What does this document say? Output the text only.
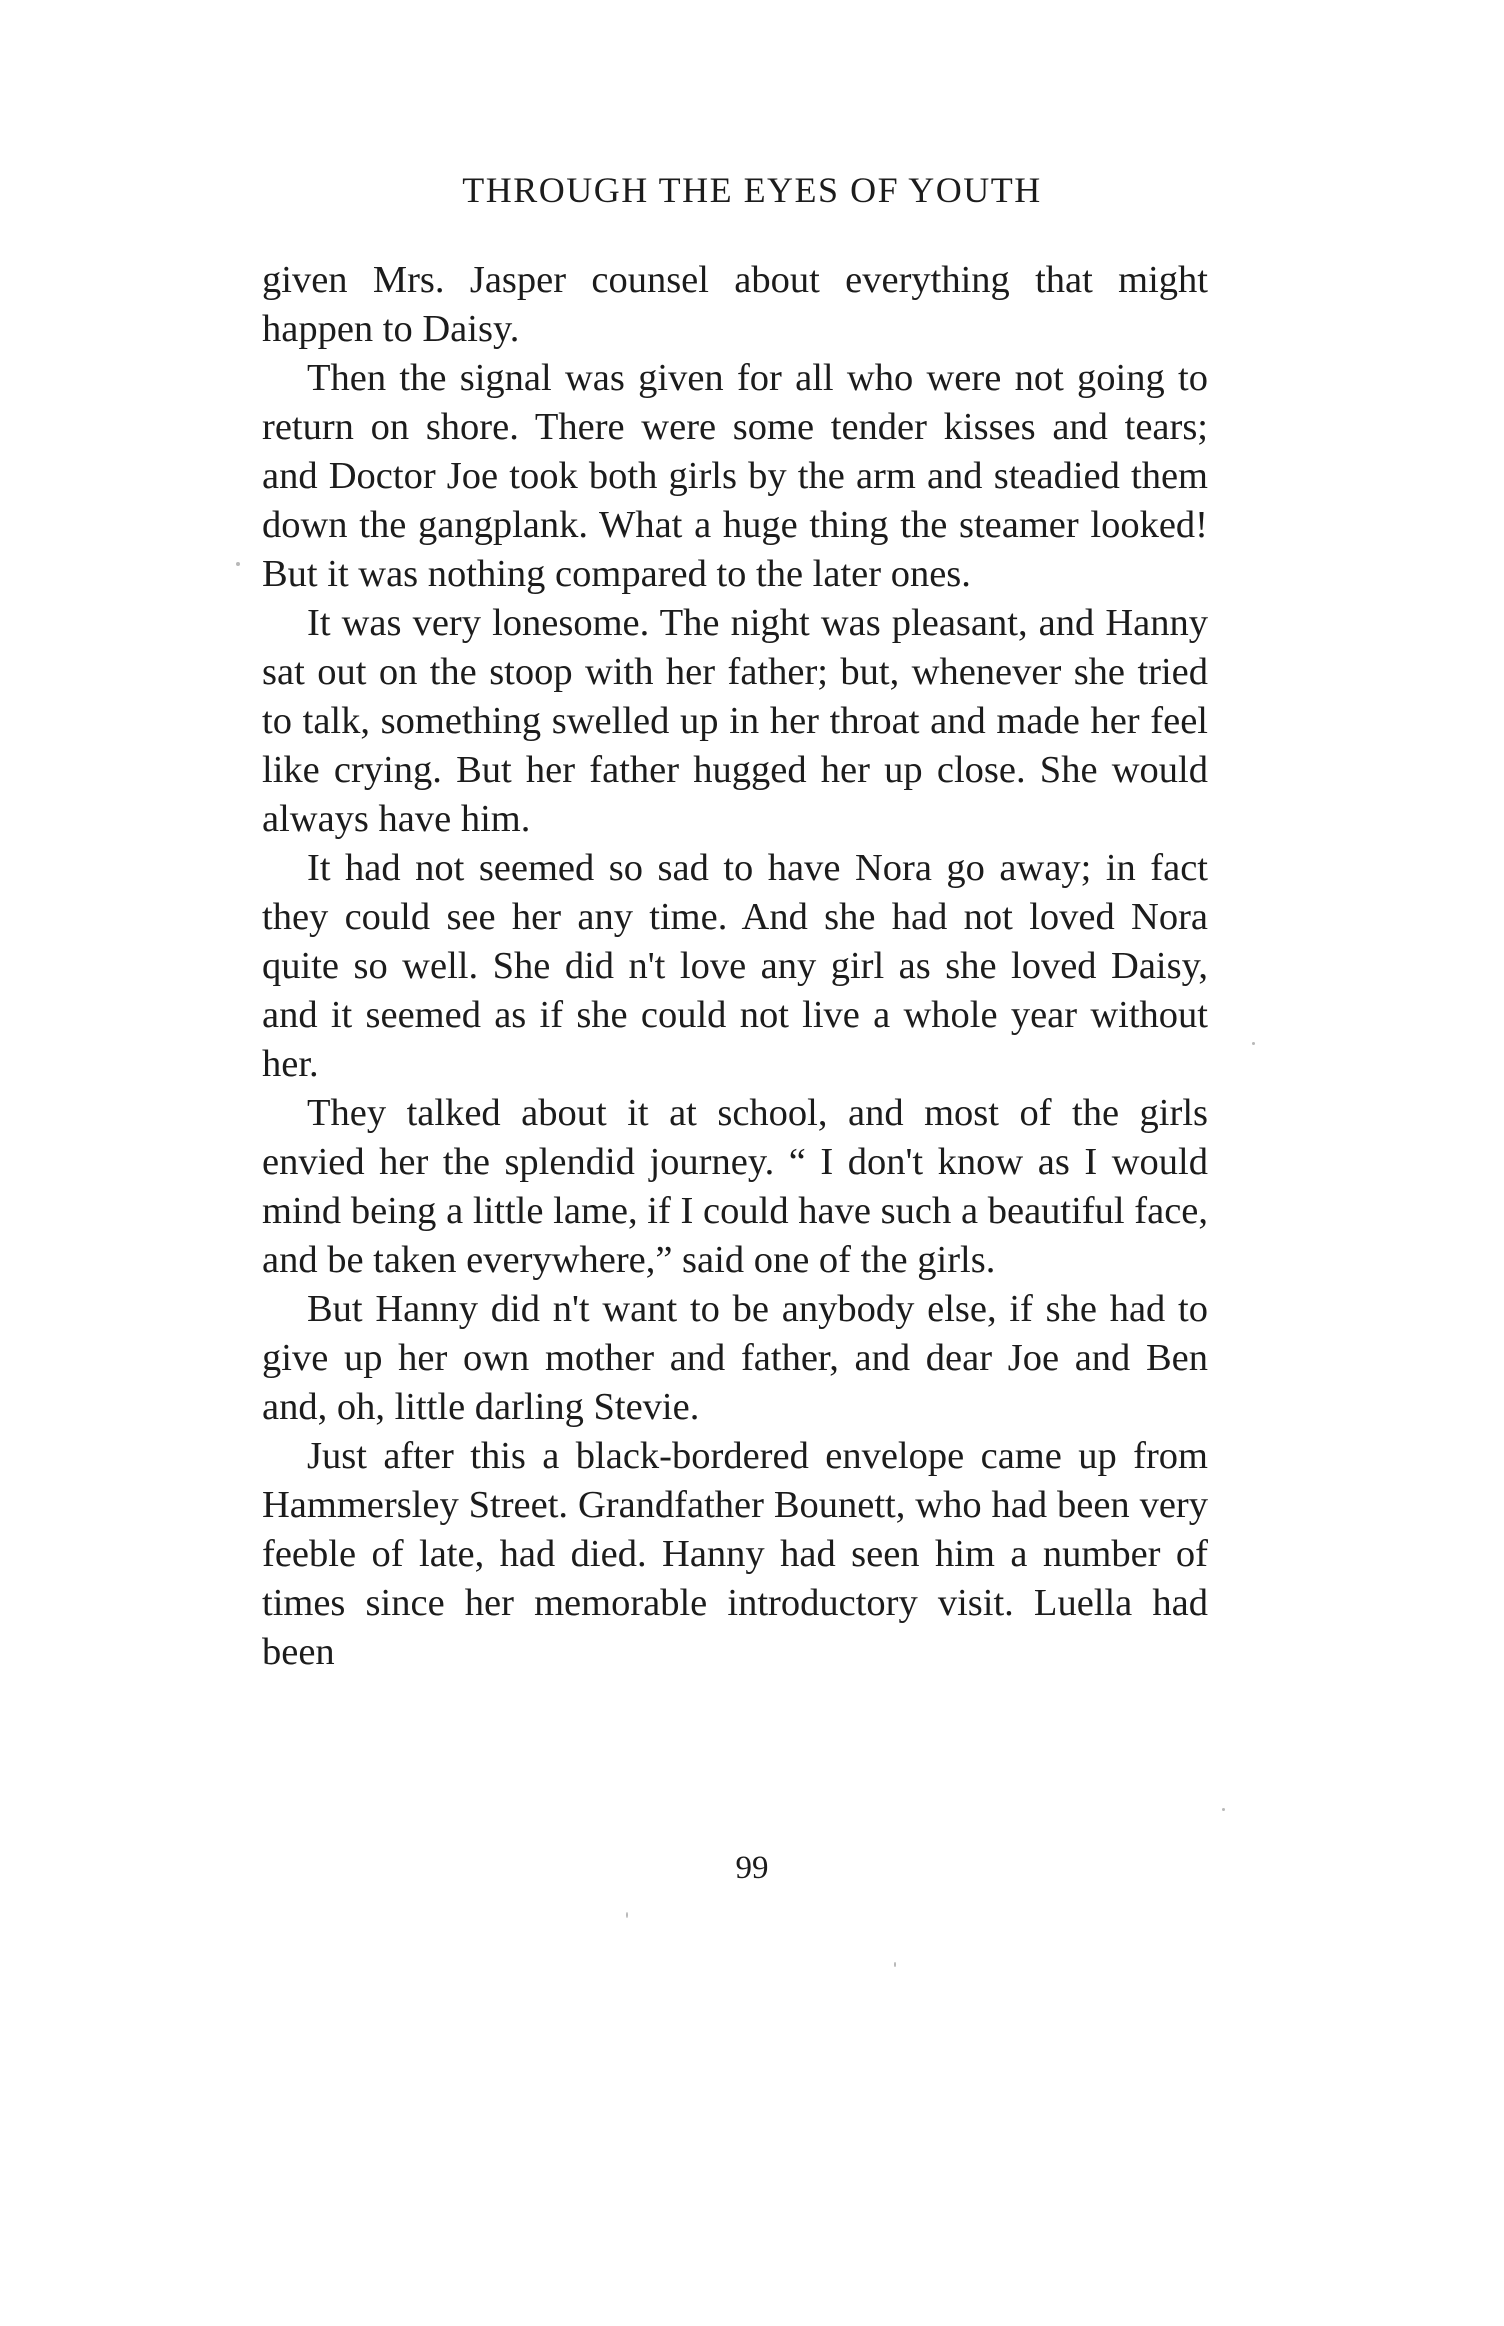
THROUGH THE EYES OF YOUTH

given Mrs. Jasper counsel about everything that might happen to Daisy.

Then the signal was given for all who were not going to return on shore. There were some tender kisses and tears; and Doctor Joe took both girls by the arm and steadied them down the gangplank. What a huge thing the steamer looked! But it was nothing compared to the later ones.

It was very lonesome. The night was pleasant, and Hanny sat out on the stoop with her father; but, whenever she tried to talk, something swelled up in her throat and made her feel like crying. But her father hugged her up close. She would always have him.

It had not seemed so sad to have Nora go away; in fact they could see her any time. And she had not loved Nora quite so well. She did n't love any girl as she loved Daisy, and it seemed as if she could not live a whole year without her.

They talked about it at school, and most of the girls envied her the splendid journey. “ I don't know as I would mind being a little lame, if I could have such a beautiful face, and be taken everywhere,” said one of the girls.

But Hanny did n't want to be anybody else, if she had to give up her own mother and father, and dear Joe and Ben and, oh, little darling Stevie.

Just after this a black-bordered envelope came up from Hammersley Street. Grandfather Bounett, who had been very feeble of late, had died. Hanny had seen him a number of times since her memorable introductory visit. Luella had been

99
